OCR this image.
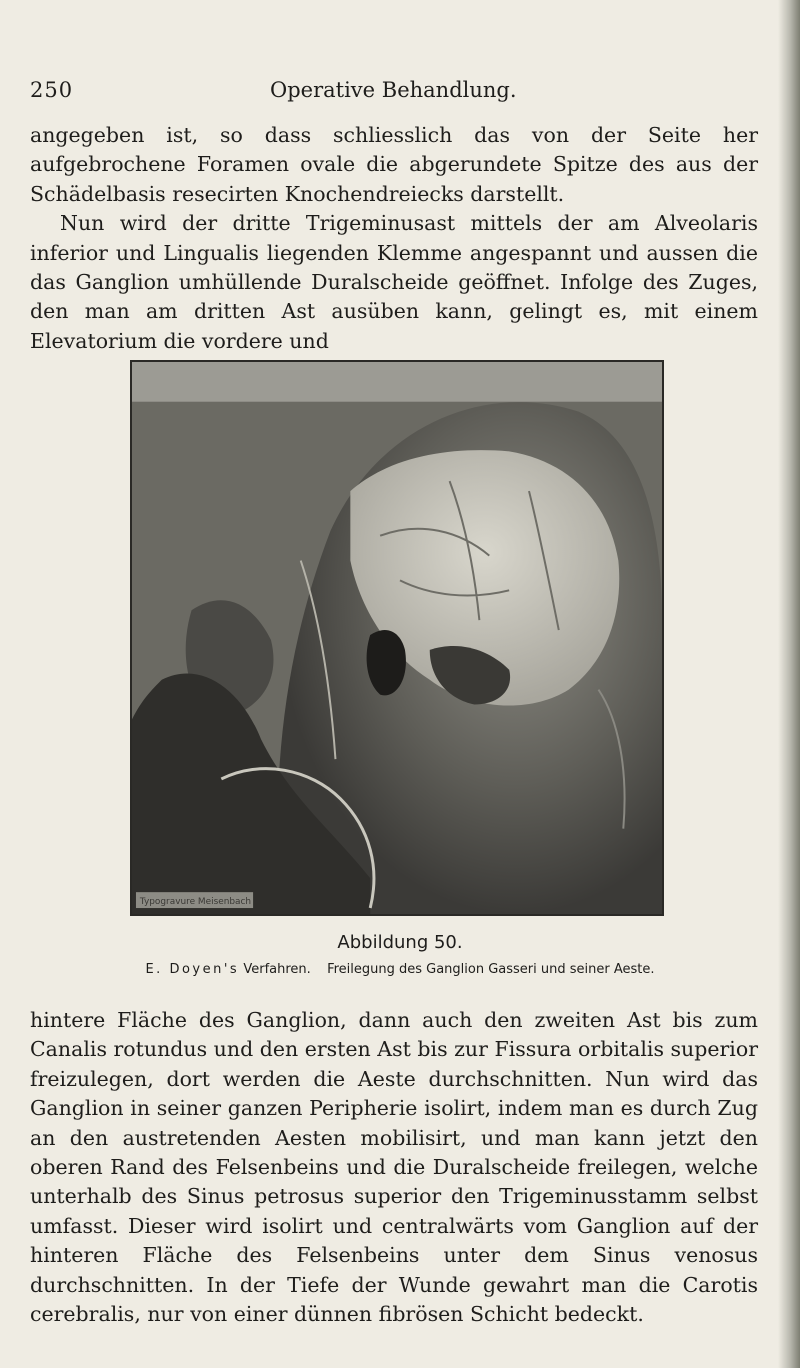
250	Operative Behandlung.

angegeben ist, so dass schliesslich das von der Seite her aufgebrochene Foramen ovale die abgerundete Spitze des aus der Schädelbasis resecirten Knochendreiecks darstellt.

Nun wird der dritte Trigeminusast mittels der am Alveolaris inferior und Lingualis liegenden Klemme angespannt und aussen die das Ganglion umhüllende Duralscheide geöffnet. Infolge des Zuges, den man am dritten Ast ausüben kann, gelingt es, mit einem Elevatorium die vordere und

Typogravure Meisenbach
Abbildung 50.
E. Doyen's Verfahren. Freilegung des Ganglion Gasseri und seiner Aeste.

hintere Fläche des Ganglion, dann auch den zweiten Ast bis zum Canalis rotundus und den ersten Ast bis zur Fissura orbitalis superior freizulegen, dort werden die Aeste durchschnitten. Nun wird das Ganglion in seiner ganzen Peripherie isolirt, indem man es durch Zug an den austretenden Aesten mobilisirt, und man kann jetzt den oberen Rand des Felsenbeins und die Duralscheide freilegen, welche unterhalb des Sinus petrosus superior den Trigeminusstamm selbst umfasst. Dieser wird isolirt und centralwärts vom Ganglion auf der hinteren Fläche des Felsenbeins unter dem Sinus venosus durchschnitten. In der Tiefe der Wunde gewahrt man die Carotis cerebralis, nur von einer dünnen fibrösen Schicht bedeckt.
